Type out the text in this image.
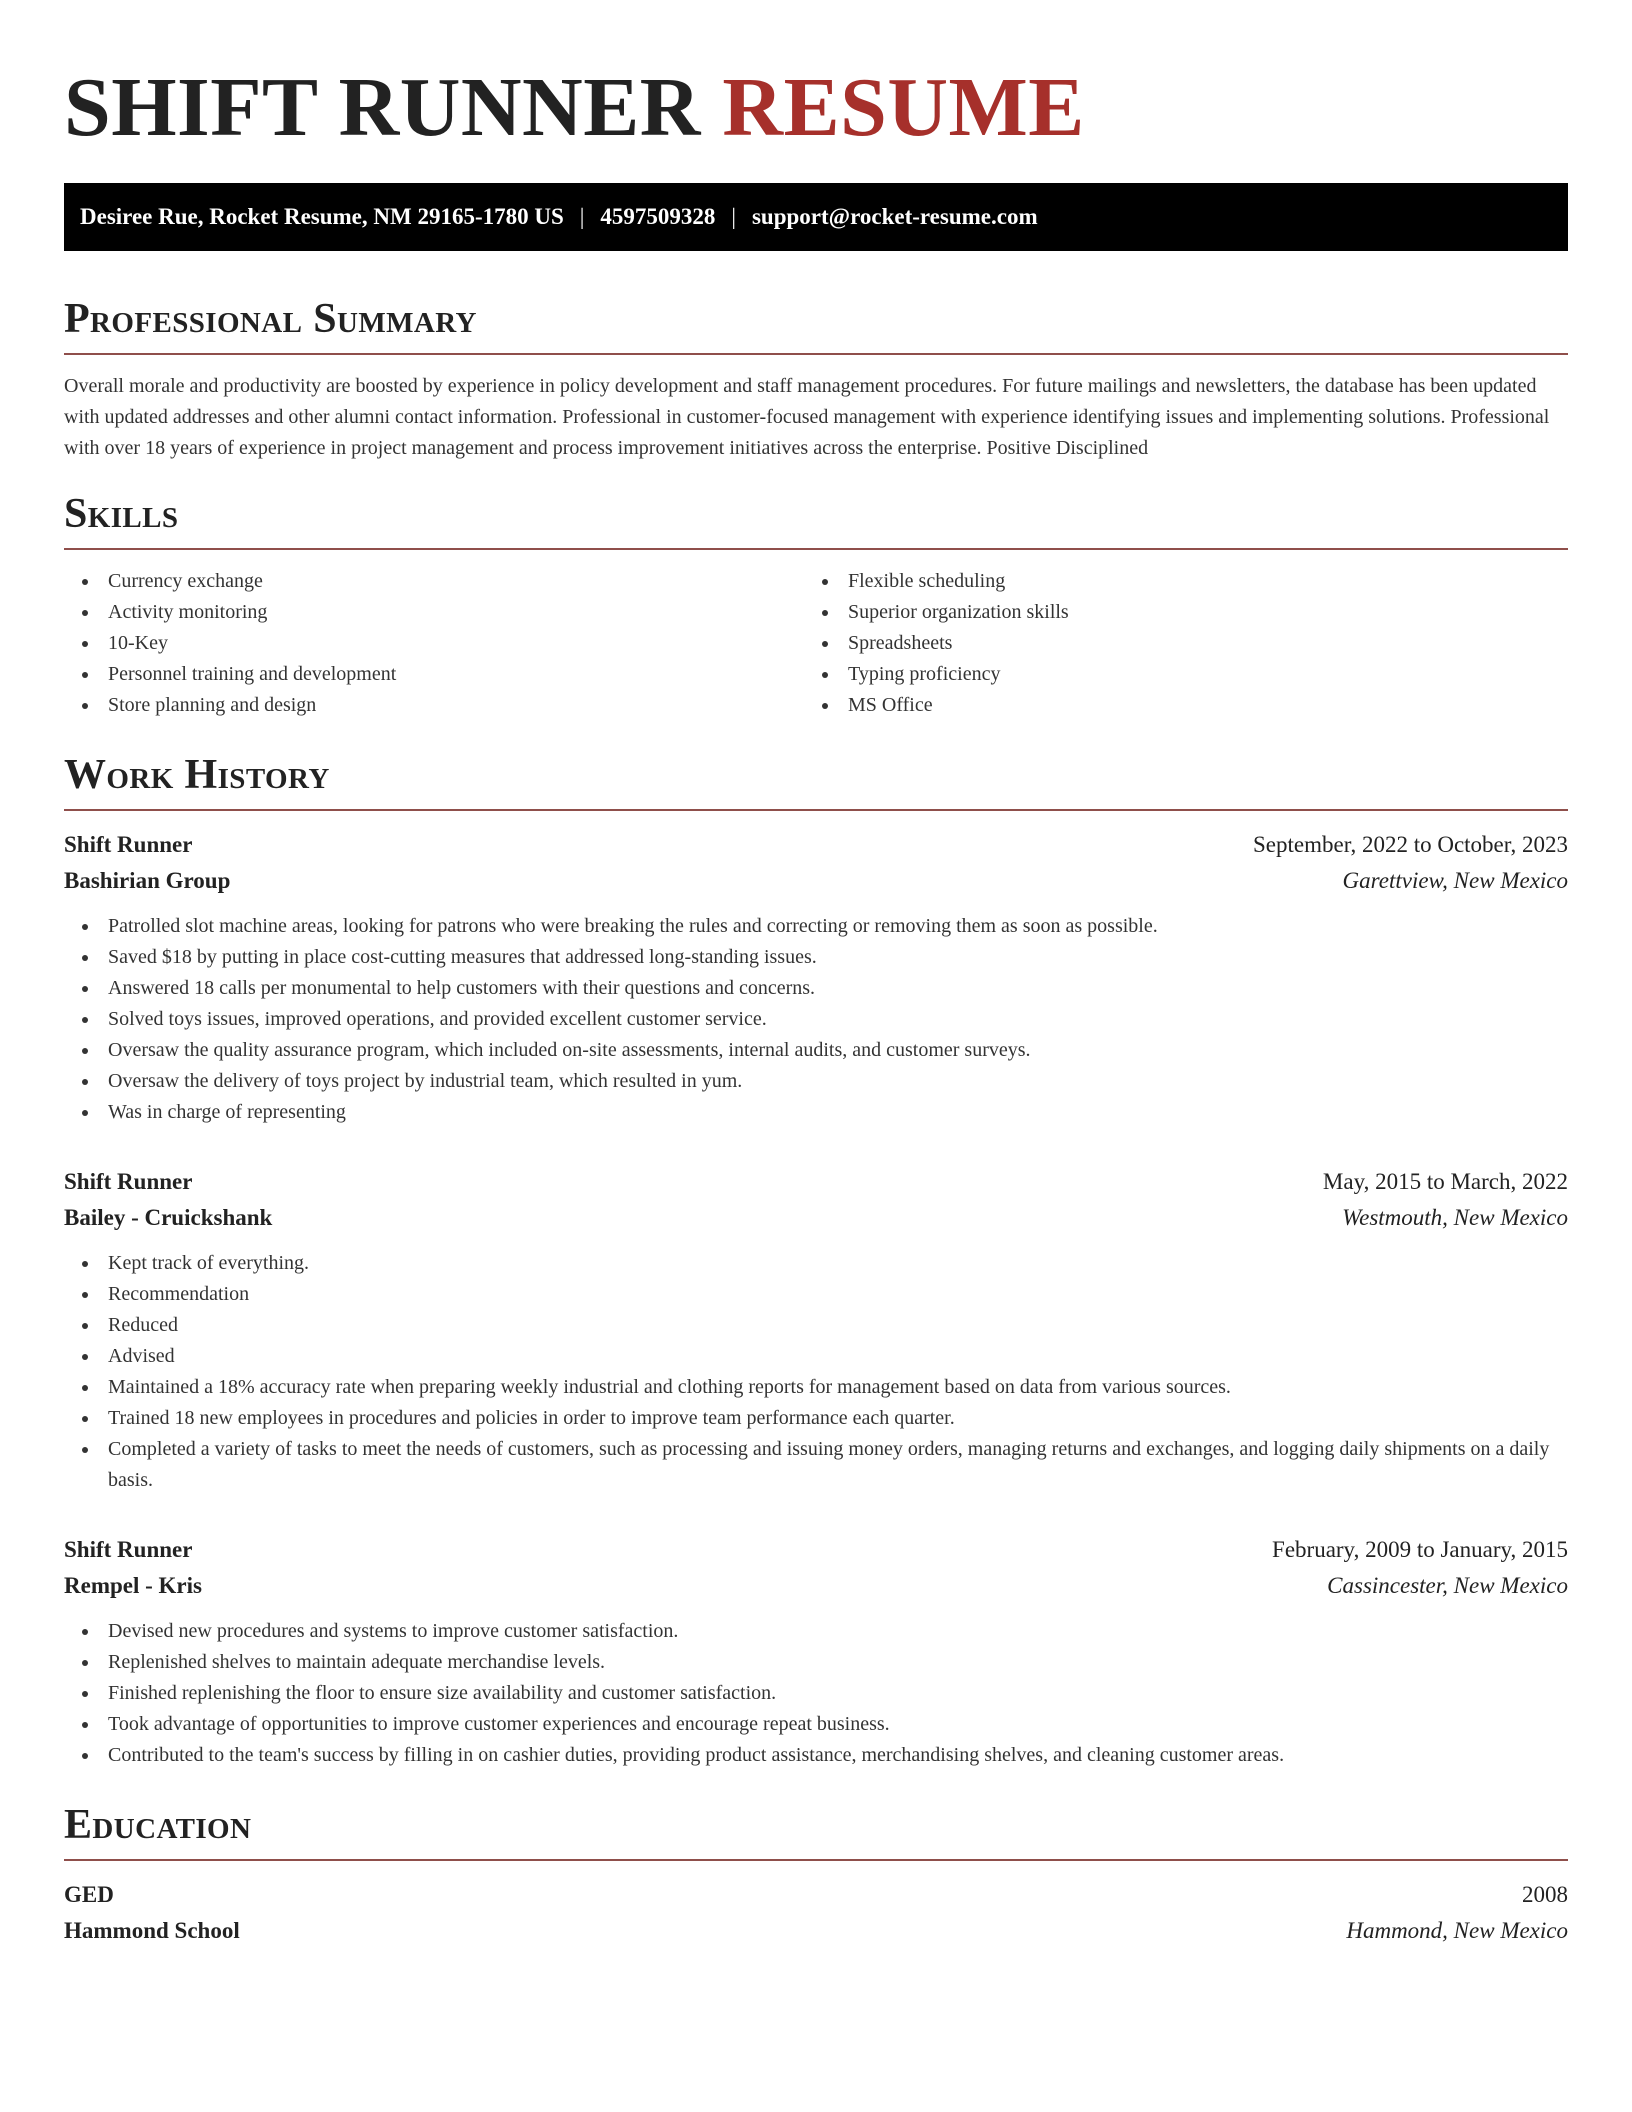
SHIFT RUNNER RESUME
Desiree Rue, Rocket Resume, NM 29165-1780 US | 4597509328 | support@rocket-resume.com
Professional Summary

Overall morale and productivity are boosted by experience in policy development and staff management procedures. For future mailings and newsletters, the database has been updated with updated addresses and other alumni contact information. Professional in customer-focused management with experience identifying issues and implementing solutions. Professional with over 18 years of experience in project management and process improvement initiatives across the enterprise. Positive Disciplined

Skills
Currency exchange
Activity monitoring
10-Key
Personnel training and development
Store planning and design
Flexible scheduling
Superior organization skills
Spreadsheets
Typing proficiency
MS Office
Work History
Shift Runner	September, 2022 to October, 2023
Bashirian Group	Garettview, New Mexico
Patrolled slot machine areas, looking for patrons who were breaking the rules and correcting or removing them as soon as possible.
Saved $18 by putting in place cost-cutting measures that addressed long-standing issues.
Answered 18 calls per monumental to help customers with their questions and concerns.
Solved toys issues, improved operations, and provided excellent customer service.
Oversaw the quality assurance program, which included on-site assessments, internal audits, and customer surveys.
Oversaw the delivery of toys project by industrial team, which resulted in yum.
Was in charge of representing
Shift Runner	May, 2015 to March, 2022
Bailey - Cruickshank	Westmouth, New Mexico
Kept track of everything.
Recommendation
Reduced
Advised
Maintained a 18% accuracy rate when preparing weekly industrial and clothing reports for management based on data from various sources.
Trained 18 new employees in procedures and policies in order to improve team performance each quarter.
Completed a variety of tasks to meet the needs of customers, such as processing and issuing money orders, managing returns and exchanges, and logging daily shipments on a daily basis.
Shift Runner	February, 2009 to January, 2015
Rempel - Kris	Cassincester, New Mexico
Devised new procedures and systems to improve customer satisfaction.
Replenished shelves to maintain adequate merchandise levels.
Finished replenishing the floor to ensure size availability and customer satisfaction.
Took advantage of opportunities to improve customer experiences and encourage repeat business.
Contributed to the team's success by filling in on cashier duties, providing product assistance, merchandising shelves, and cleaning customer areas.
Education
GED	2008
Hammond School	Hammond, New Mexico
